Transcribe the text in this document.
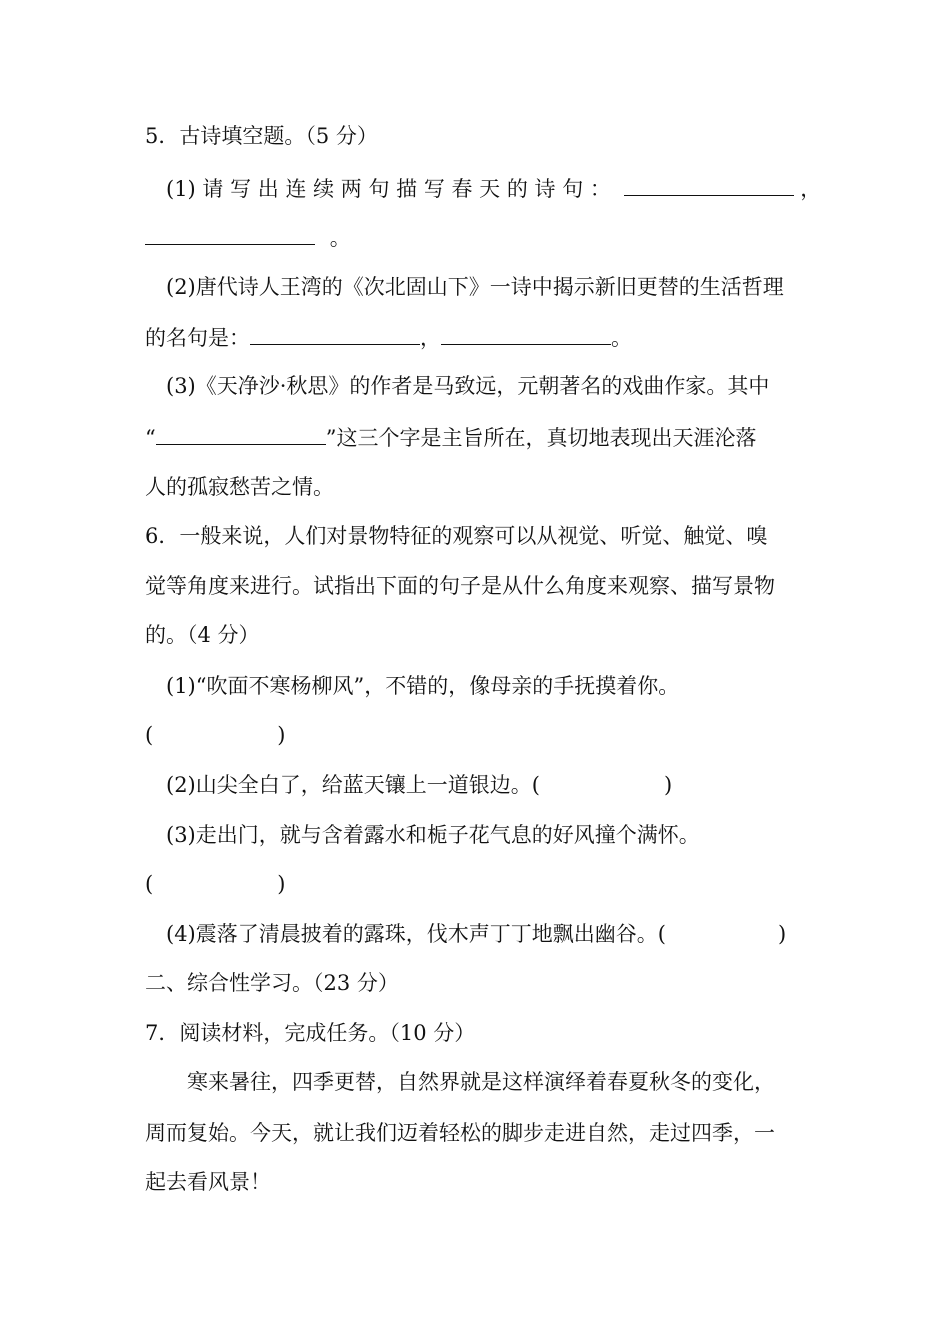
5．古诗填空题。（5 分）
(1) 请 写 出 连 续 两 句 描 写 春 天 的 诗 句 ：	，
。
(2)唐代诗人王湾的《次北固山下》一诗中揭示新旧更替的生活哲理
的名句是：	，	。
(3)《天净沙·秋思》的作者是马致远，元朝著名的戏曲作家。其中
“	”这三个字是主旨所在，真切地表现出天涯沦落
人的孤寂愁苦之情。
6．一般来说，人们对景物特征的观察可以从视觉、听觉、触觉、嗅
觉等角度来进行。试指出下面的句子是从什么角度来观察、描写景物
的。（4 分）
(1)“吹面不寒杨柳风”，不错的，像母亲的手抚摸着你。
(	)
(2)山尖全白了，给蓝天镶上一道银边。(	)
(3)走出门，就与含着露水和栀子花气息的好风撞个满怀。
(	)
(4)震落了清晨披着的露珠，伐木声丁丁地飘出幽谷。(	)
二、综合性学习。（23 分）
7．阅读材料，完成任务。（10 分）
寒来暑往，四季更替，自然界就是这样演绎着春夏秋冬的变化，
周而复始。今天，就让我们迈着轻松的脚步走进自然，走过四季，一
起去看风景！
